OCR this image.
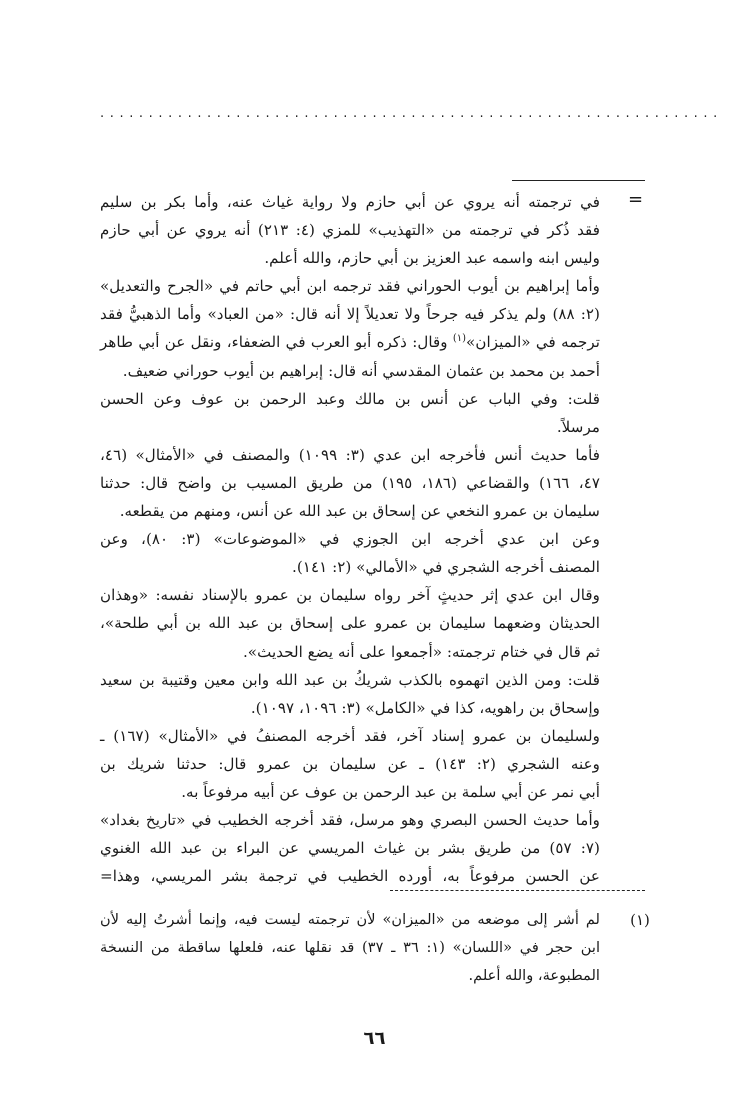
................................................................
=
في ترجمته أنه يروي عن أبي حازم ولا رواية غياث عنه، وأما بكر بن سليم
فقد ذُكر في ترجمته من «التهذيب» للمزي (٤: ٢١٣) أنه يروي عن أبي حازم
وليس ابنه واسمه عبد العزيز بن أبي حازم، والله أعلم.
وأما إبراهيم بن أيوب الحوراني فقد ترجمه ابن أبي حاتم في «الجرح والتعديل»
(٢: ٨٨) ولم يذكر فيه جرحاً ولا تعديلاً إلا أنه قال: «من العباد» وأما الذهبيُّ فقد
ترجمه في «الميزان»$^{(١)}$ وقال: ذكره أبو العرب في الضعفاء، ونقل عن أبي طاهر
أحمد بن محمد بن عثمان المقدسي أنه قال: إبراهيم بن أيوب حوراني ضعيف.
قلت: وفي الباب عن أنس بن مالك وعبد الرحمن بن عوف وعن الحسن
مرسلاً.
فأما حديث أنس فأخرجه ابن عدي (٣: ١٠٩٩) والمصنف في «الأمثال» (٤٦،
٤٧، ١٦٦) والقضاعي (١٨٦، ١٩٥) من طريق المسيب بن واضح قال: حدثنا
سليمان بن عمرو النخعي عن إسحاق بن عبد الله عن أنس، ومنهم من يقطعه.
وعن ابن عدي أخرجه ابن الجوزي في «الموضوعات» (٣: ٨٠)، وعن
المصنف أخرجه الشجري في «الأمالي» (٢: ١٤١).
وقال ابن عدي إثر حديثٍ آخر رواه سليمان بن عمرو بالإسناد نفسه: «وهذان
الحديثان وضعهما سليمان بن عمرو على إسحاق بن عبد الله بن أبي طلحة»،
ثم قال في ختام ترجمته: «أجمعوا على أنه يضع الحديث».
قلت: ومن الذين اتهموه بالكذب شريكُ بن عبد الله وابن معين وقتيبة بن سعيد
وإسحاق بن راهويه، كذا في «الكامل» (٣: ١٠٩٦، ١٠٩٧).
ولسليمان بن عمرو إسناد آخر، فقد أخرجه المصنفُ في «الأمثال» (١٦٧) ـ
وعنه الشجري (٢: ١٤٣) ـ عن سليمان بن عمرو قال: حدثنا شريك بن
أبي نمر عن أبي سلمة بن عبد الرحمن بن عوف عن أبيه مرفوعاً به.
وأما حديث الحسن البصري وهو مرسل، فقد أخرجه الخطيب في «تاريخ بغداد»
(٧: ٥٧) من طريق بشر بن غياث المريسي عن البراء بن عبد الله الغنوي
عن الحسن مرفوعاً به، أورده الخطيب في ترجمة بشر المريسي، وهذا=
(١)
لم أشر إلى موضعه من «الميزان» لأن ترجمته ليست فيه، وإنما أشرتُ إليه لأن
ابن حجر في «اللسان» (١: ٣٦ ـ ٣٧) قد نقلها عنه، فلعلها ساقطة من النسخة
المطبوعة، والله أعلم.
٦٦
